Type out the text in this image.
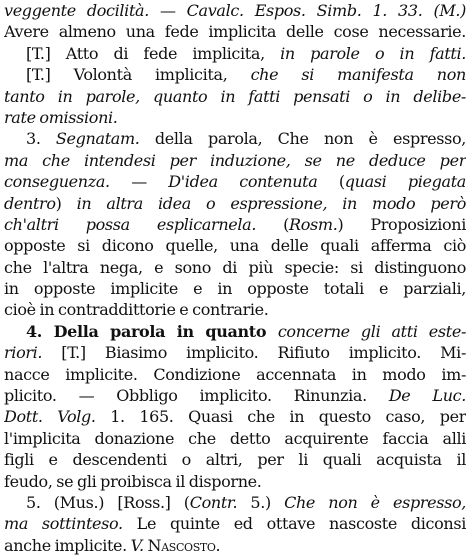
veggente docilità. — Cavalc. Espos. Simb. 1. 33. (M.)
Avere almeno una fede implicita delle cose necessarie.
[T.] Atto di fede implicita, in parole o in fatti.
[T.] Volontà implicita, che si manifesta non
tanto in parole, quanto in fatti pensati o in delibe-
rate omissioni.
3. Segnatam. della parola, Che non è espresso,
ma che intendesi per induzione, se ne deduce per
conseguenza. — D'idea contenuta (quasi piegata
dentro) in altra idea o espressione, in modo però
ch'altri possa esplicarnela. (Rosm.) Proposizioni
opposte si dicono quelle, una delle quali afferma ciò
che l'altra nega, e sono di più specie: si distinguono
in opposte implicite e in opposte totali e parziali,
cioè in contraddittorie e contrarie.
4. Della parola in quanto concerne gli atti este-
riori. [T.] Biasimo implicito. Rifiuto implicito. Mi-
nacce implicite. Condizione accennata in modo im-
plicito. — Obbligo implicito. Rinunzia. De Luc.
Dott. Volg. 1. 165. Quasi che in questo caso, per
l'implicita donazione che detto acquirente faccia alli
figli e descendenti o altri, per li quali acquista il
feudo, se gli proibisca il disporne.
5. (Mus.) [Ross.] (Contr. 5.) Che non è espresso,
ma sottinteso. Le quinte ed ottave nascoste diconsi
anche implicite. V. Nascosto.
